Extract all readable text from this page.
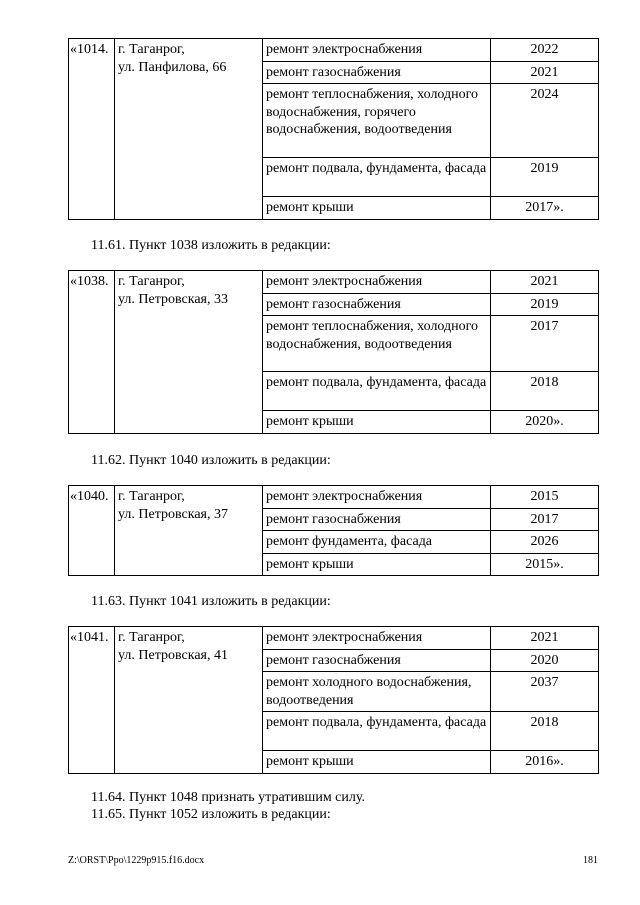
«1014.	г. Таганрог,
ул. Панфилова, 66	ремонт электроснабжения	2022
		ремонт газоснабжения	2021
		ремонт теплоснабжения, холодного водоснабжения, горячего водоснабжения, водоотведения	2024
		ремонт подвала, фундамента, фасада	2019
		ремонт крыши	2017».
11.61. Пункт 1038 изложить в редакции:
«1038.	г. Таганрог,
ул. Петровская, 33	ремонт электроснабжения	2021
		ремонт газоснабжения	2019
		ремонт теплоснабжения, холодного водоснабжения, водоотведения	2017
		ремонт подвала, фундамента, фасада	2018
		ремонт крыши	2020».
11.62. Пункт 1040 изложить в редакции:
«1040.	г. Таганрог,
ул. Петровская, 37	ремонт электроснабжения	2015
		ремонт газоснабжения	2017
		ремонт фундамента, фасада	2026
		ремонт крыши	2015».
11.63. Пункт 1041 изложить в редакции:
«1041.	г. Таганрог,
ул. Петровская, 41	ремонт электроснабжения	2021
		ремонт газоснабжения	2020
		ремонт холодного водоснабжения, водоотведения	2037
		ремонт подвала, фундамента, фасада	2018
		ремонт крыши	2016».
11.64. Пункт 1048 признать утратившим силу.
11.65. Пункт 1052 изложить в редакции:
Z:\ORST\Ppo\1229p915.f16.docx	181
